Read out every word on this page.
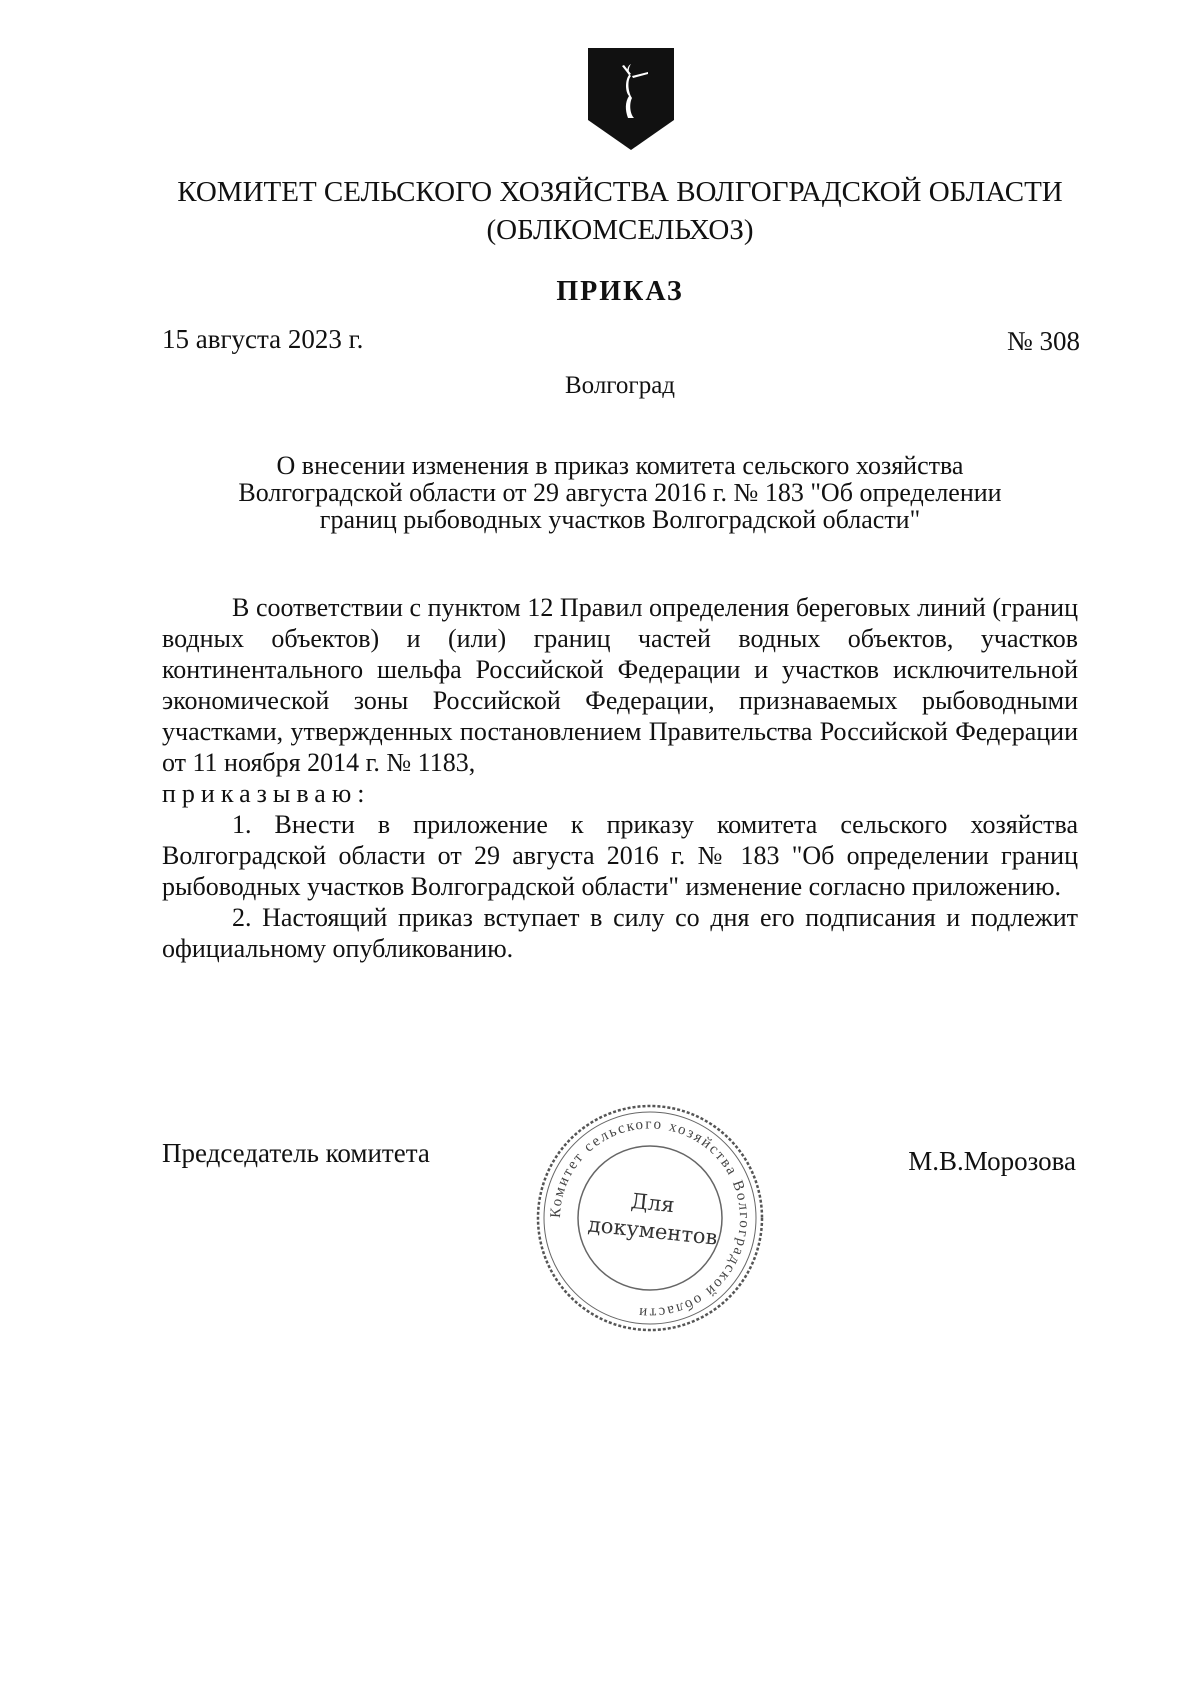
КОМИТЕТ СЕЛЬСКОГО ХОЗЯЙСТВА ВОЛГОГРАДСКОЙ ОБЛАСТИ
(ОБЛКОМСЕЛЬХОЗ)
ПРИКАЗ
15 августа 2023 г.	№ 308
Волгоград
О внесении изменения в приказ комитета сельского хозяйства
Волгоградской области от 29 августа 2016 г. № 183 "Об определении
границ рыбоводных участков Волгоградской области"

В соответствии с пунктом 12 Правил определения береговых линий (границ водных объектов) и (или) границ частей водных объектов, участков континентального шельфа Российской Федерации и участков исключительной экономической зоны Российской Федерации, признаваемых рыбоводными участками, утвержденных постановлением Правительства Российской Федерации от 11 ноября 2014 г. № 1183,

приказываю:

1. Внести в приложение к приказу комитета сельского хозяйства Волгоградской области от 29 августа 2016 г. № 183 "Об определении границ рыбоводных участков Волгоградской области" изменение согласно приложению.

2. Настоящий приказ вступает в силу со дня его подписания и подлежит официальному опубликованию.

Председатель комитета	М.В.Морозова
Комитет сельского хозяйства Волгоградской области
Для
документов
